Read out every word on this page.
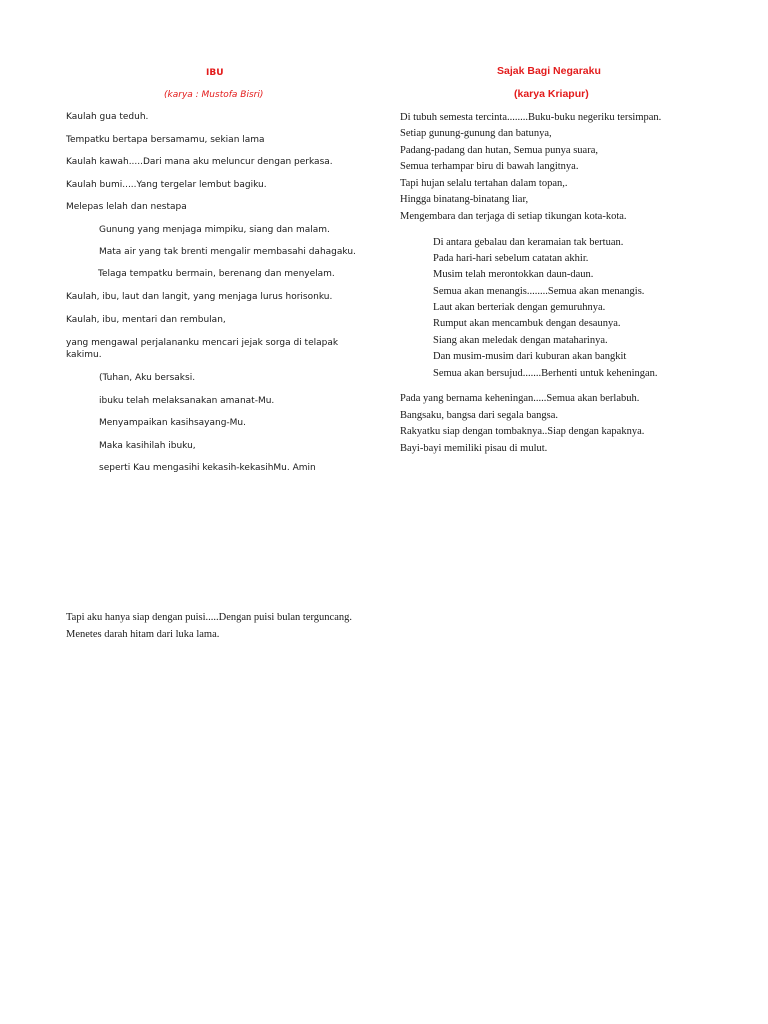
IBU
(karya : Mustofa Bisri)
Kaulah gua teduh.
Tempatku bertapa bersamamu, sekian lama
Kaulah kawah.....Dari mana aku meluncur dengan perkasa.
Kaulah bumi.....Yang tergelar lembut bagiku.
Melepas lelah dan nestapa
Gunung yang menjaga mimpiku, siang dan malam.
Mata air yang tak brenti mengalir membasahi dahagaku.
Telaga tempatku bermain, berenang dan menyelam.
Kaulah, ibu, laut dan langit, yang menjaga lurus horisonku.
Kaulah, ibu, mentari dan rembulan,
yang mengawal perjalananku mencari jejak sorga di telapak kakimu.
(Tuhan, Aku bersaksi.
ibuku telah melaksanakan amanat-Mu.
Menyampaikan kasihsayang-Mu.
Maka kasihilah ibuku,
seperti Kau mengasihi kekasih-kekasihMu. Amin
Sajak Bagi Negaraku
(karya Kriapur)
Di tubuh semesta tercinta........Buku-buku negeriku tersimpan.
Setiap gunung-gunung dan batunya,
Padang-padang dan hutan, Semua punya suara,
Semua terhampar biru di bawah langitnya.
Tapi hujan selalu tertahan dalam topan,.
Hingga binatang-binatang liar,
Mengembara dan terjaga di setiap tikungan kota-kota.
Di antara gebalau dan keramaian tak bertuan.
Pada hari-hari sebelum catatan akhir.
Musim telah merontokkan daun-daun.
Semua akan menangis........Semua akan menangis.
Laut akan berteriak dengan gemuruhnya.
Rumput akan mencambuk dengan desaunya.
Siang akan meledak dengan mataharinya.
Dan musim-musim dari kuburan akan bangkit
Semua akan bersujud.......Berhenti untuk keheningan.
Pada yang bernama keheningan.....Semua akan berlabuh.
Bangsaku, bangsa dari segala bangsa.
Rakyatku siap dengan tombaknya..Siap dengan kapaknya.
Bayi-bayi memiliki pisau di mulut.
Tapi aku hanya siap dengan puisi.....Dengan puisi bulan terguncang.
Menetes darah hitam dari luka lama.
